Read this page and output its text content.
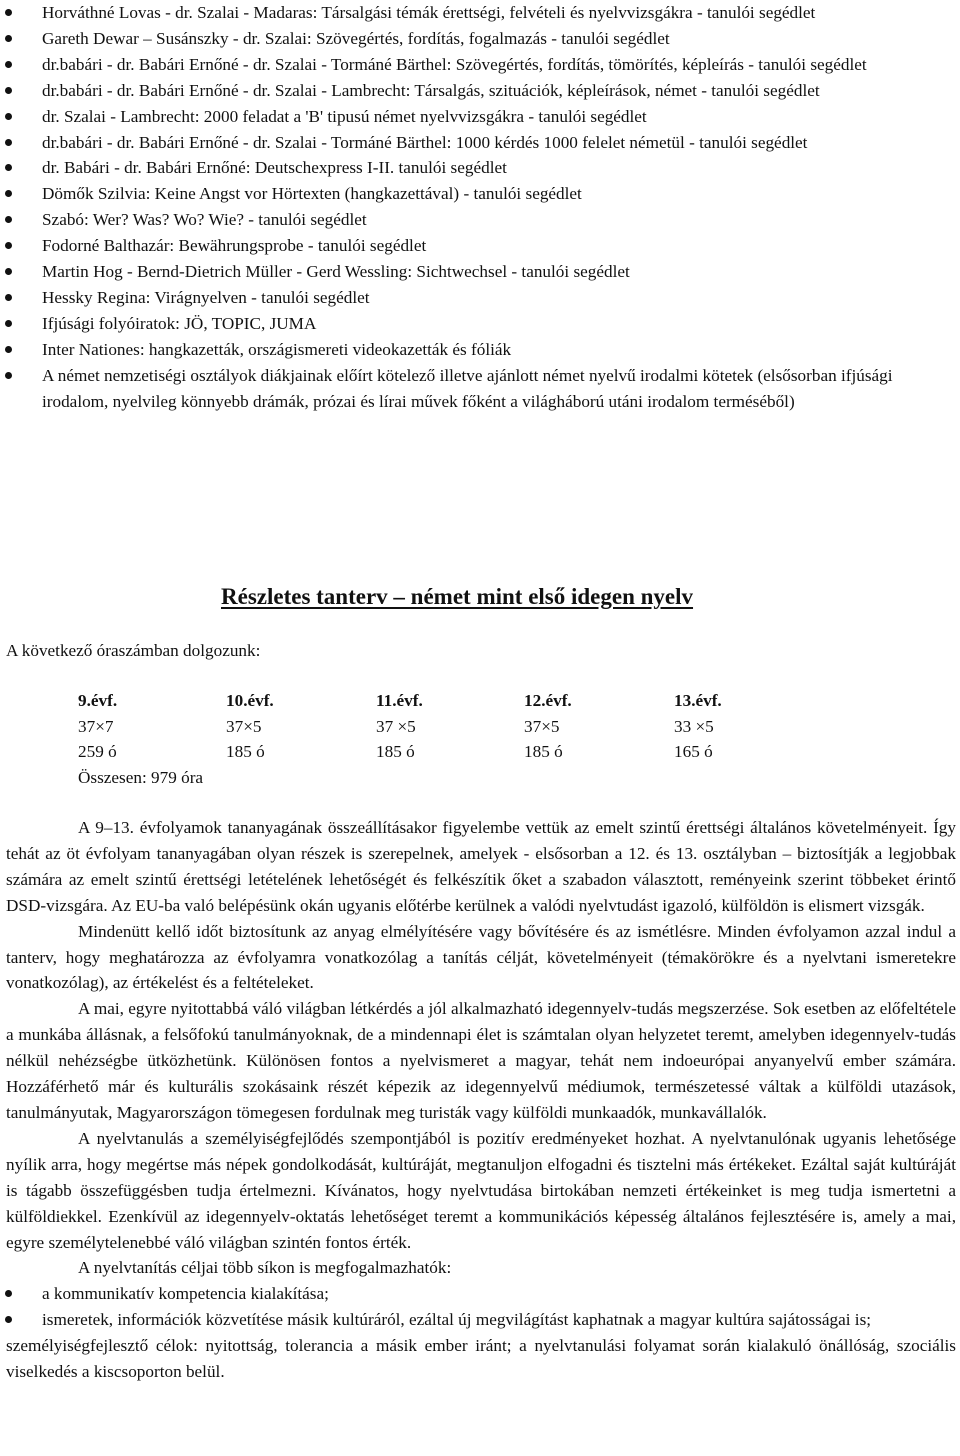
Horváthné Lovas - dr. Szalai - Madaras: Társalgási témák érettségi, felvételi és nyelvvizsgákra - tanulói segédlet
Gareth Dewar – Susánszky - dr. Szalai: Szövegértés, fordítás, fogalmazás - tanulói segédlet
dr.babári - dr. Babári Ernőné - dr. Szalai - Tormáné Bärthel: Szövegértés, fordítás, tömörítés, képleírás - tanulói segédlet
dr.babári - dr. Babári Ernőné - dr. Szalai - Lambrecht: Társalgás, szituációk, képleírások, német - tanulói segédlet
dr. Szalai - Lambrecht: 2000 feladat a 'B' tipusú német nyelvvizsgákra - tanulói segédlet
dr.babári - dr. Babári Ernőné - dr. Szalai - Tormáné Bärthel: 1000 kérdés 1000 felelet németül - tanulói segédlet
dr. Babári - dr. Babári Ernőné: Deutschexpress I-II. tanulói segédlet
Dömők Szilvia: Keine Angst vor Hörtexten (hangkazettával) - tanulói segédlet
Szabó: Wer? Was? Wo? Wie? - tanulói segédlet
Fodorné Balthazár: Bewährungsprobe - tanulói segédlet
Martin Hog - Bernd-Dietrich Müller - Gerd Wessling: Sichtwechsel - tanulói segédlet
Hessky Regina: Virágnyelven - tanulói segédlet
Ifjúsági folyóiratok: JÖ, TOPIC, JUMA
Inter Nationes: hangkazetták, országismereti videokazetták és fóliák
A német nemzetiségi osztályok diákjainak előírt kötelező illetve ajánlott német nyelvű irodalmi kötetek (elsősorban ifjúsági irodalom, nyelvileg könnyebb drámák, prózai és lírai művek főként a világháború utáni irodalom terméséből)
Részletes tanterv – német mint első idegen nyelv
A következő óraszámban dolgozunk:
9.évf.	10.évf.	11.évf.	12.évf.	13.évf.
37×7	37×5	37 ×5	37×5	33 ×5
259 ó	185 ó	185 ó	185 ó	165 ó
Összesen: 979 óra

A 9–13. évfolyamok tananyagának összeállításakor figyelembe vettük az emelt szintű érettségi általános követelményeit. Így tehát az öt évfolyam tananyagában olyan részek is szerepelnek, amelyek - elsősorban a 12. és 13. osztályban – biztosítják a legjobbak számára az emelt szintű érettségi letételének lehetőségét és felkészítik őket a szabadon választott, reményeink szerint többeket érintő DSD-vizsgára. Az EU-ba való belépésünk okán ugyanis előtérbe kerülnek a valódi nyelvtudást igazoló, külföldön is elismert vizsgák.

Mindenütt kellő időt biztosítunk az anyag elmélyítésére vagy bővítésére és az ismétlésre. Minden évfolyamon azzal indul a tanterv, hogy meghatározza az évfolyamra vonatkozólag a tanítás célját, követelményeit (témakörökre és a nyelvtani ismeretekre vonatkozólag), az értékelést és a feltételeket.

A mai, egyre nyitottabbá váló világban létkérdés a jól alkalmazható idegennyelv-tudás megszerzése. Sok esetben az előfeltétele a munkába állásnak, a felsőfokú tanulmányoknak, de a mindennapi élet is számtalan olyan helyzetet teremt, amelyben idegennyelv-tudás nélkül nehézségbe ütközhetünk. Különösen fontos a nyelvismeret a magyar, tehát nem indoeurópai anyanyelvű ember számára. Hozzáférhető már és kulturális szokásaink részét képezik az idegennyelvű médiumok, természetessé váltak a külföldi utazások, tanulmányutak, Magyarországon tömegesen fordulnak meg turisták vagy külföldi munkaadók, munkavállalók.

A nyelvtanulás a személyiségfejlődés szempontjából is pozitív eredményeket hozhat. A nyelvtanulónak ugyanis lehetősége nyílik arra, hogy megértse más népek gondolkodását, kultúráját, megtanuljon elfogadni és tisztelni más értékeket. Ezáltal saját kultúráját is tágabb összefüggésben tudja értelmezni. Kívánatos, hogy nyelvtudása birtokában nemzeti értékeinket is meg tudja ismertetni a külföldiekkel. Ezenkívül az idegennyelv-oktatás lehetőséget teremt a kommunikációs képesség általános fejlesztésére is, amely a mai, egyre személytelenebbé váló világban szintén fontos érték.

A nyelvtanítás céljai több síkon is megfogalmazhatók:

a kommunikatív kompetencia kialakítása;
ismeretek, információk közvetítése másik kultúráról, ezáltal új megvilágítást kaphatnak a magyar kultúra sajátosságai is;

személyiségfejlesztő célok: nyitottság, tolerancia a másik ember iránt; a nyelvtanulási folyamat során kialakuló önállóság, szociális viselkedés a kiscsoporton belül.
